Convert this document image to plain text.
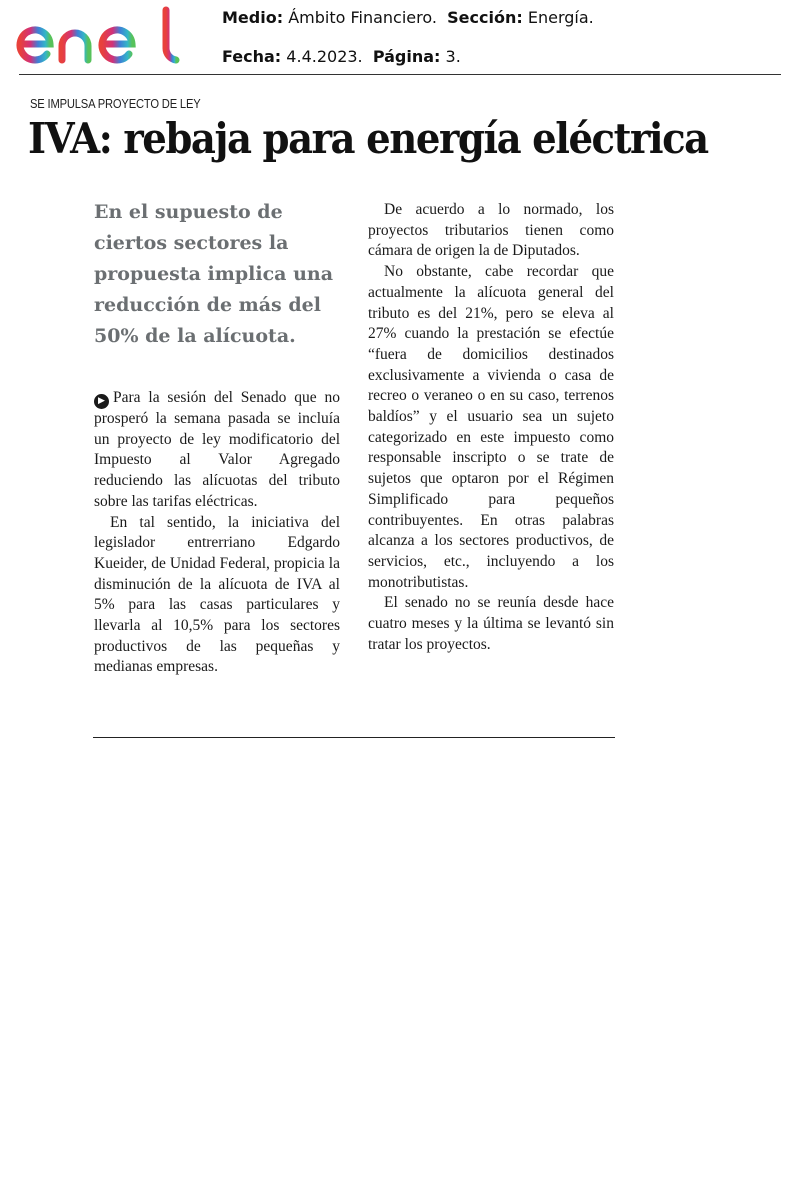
Medio: Ámbito Financiero. Sección: Energía.
Fecha: 4.4.2023. Página: 3.
SE IMPULSA PROYECTO DE LEY
IVA: rebaja para energía eléctrica
En el supuesto de ciertos sectores la propuesta implica una reducción de más del 50% de la alícuota.

▶ Para la sesión del Senado que no prosperó la semana pasada se incluía un proyecto de ley modificatorio del Impuesto al Valor Agregado reduciendo las alícuotas del tributo sobre las tarifas eléctricas.

En tal sentido, la iniciativa del legislador entrerriano Edgardo Kueider, de Unidad Federal, propicia la disminución de la alícuota de IVA al 5% para las casas particulares y llevarla al 10,5% para los sectores productivos de las pequeñas y medianas empresas.

De acuerdo a lo normado, los proyectos tributarios tienen como cámara de origen la de Diputados.

No obstante, cabe recordar que actualmente la alícuota general del tributo es del 21%, pero se eleva al 27% cuando la prestación se efectúe “fuera de domicilios destinados exclusivamente a vivienda o casa de recreo o veraneo o en su caso, terrenos baldíos” y el usuario sea un sujeto categorizado en este impuesto como responsable inscripto o se trate de sujetos que optaron por el Régimen Simplificado para pequeños contribuyentes. En otras palabras alcanza a los sectores productivos, de servicios, etc., incluyendo a los monotributistas.

El senado no se reunía desde hace cuatro meses y la última se levantó sin tratar los proyectos.
